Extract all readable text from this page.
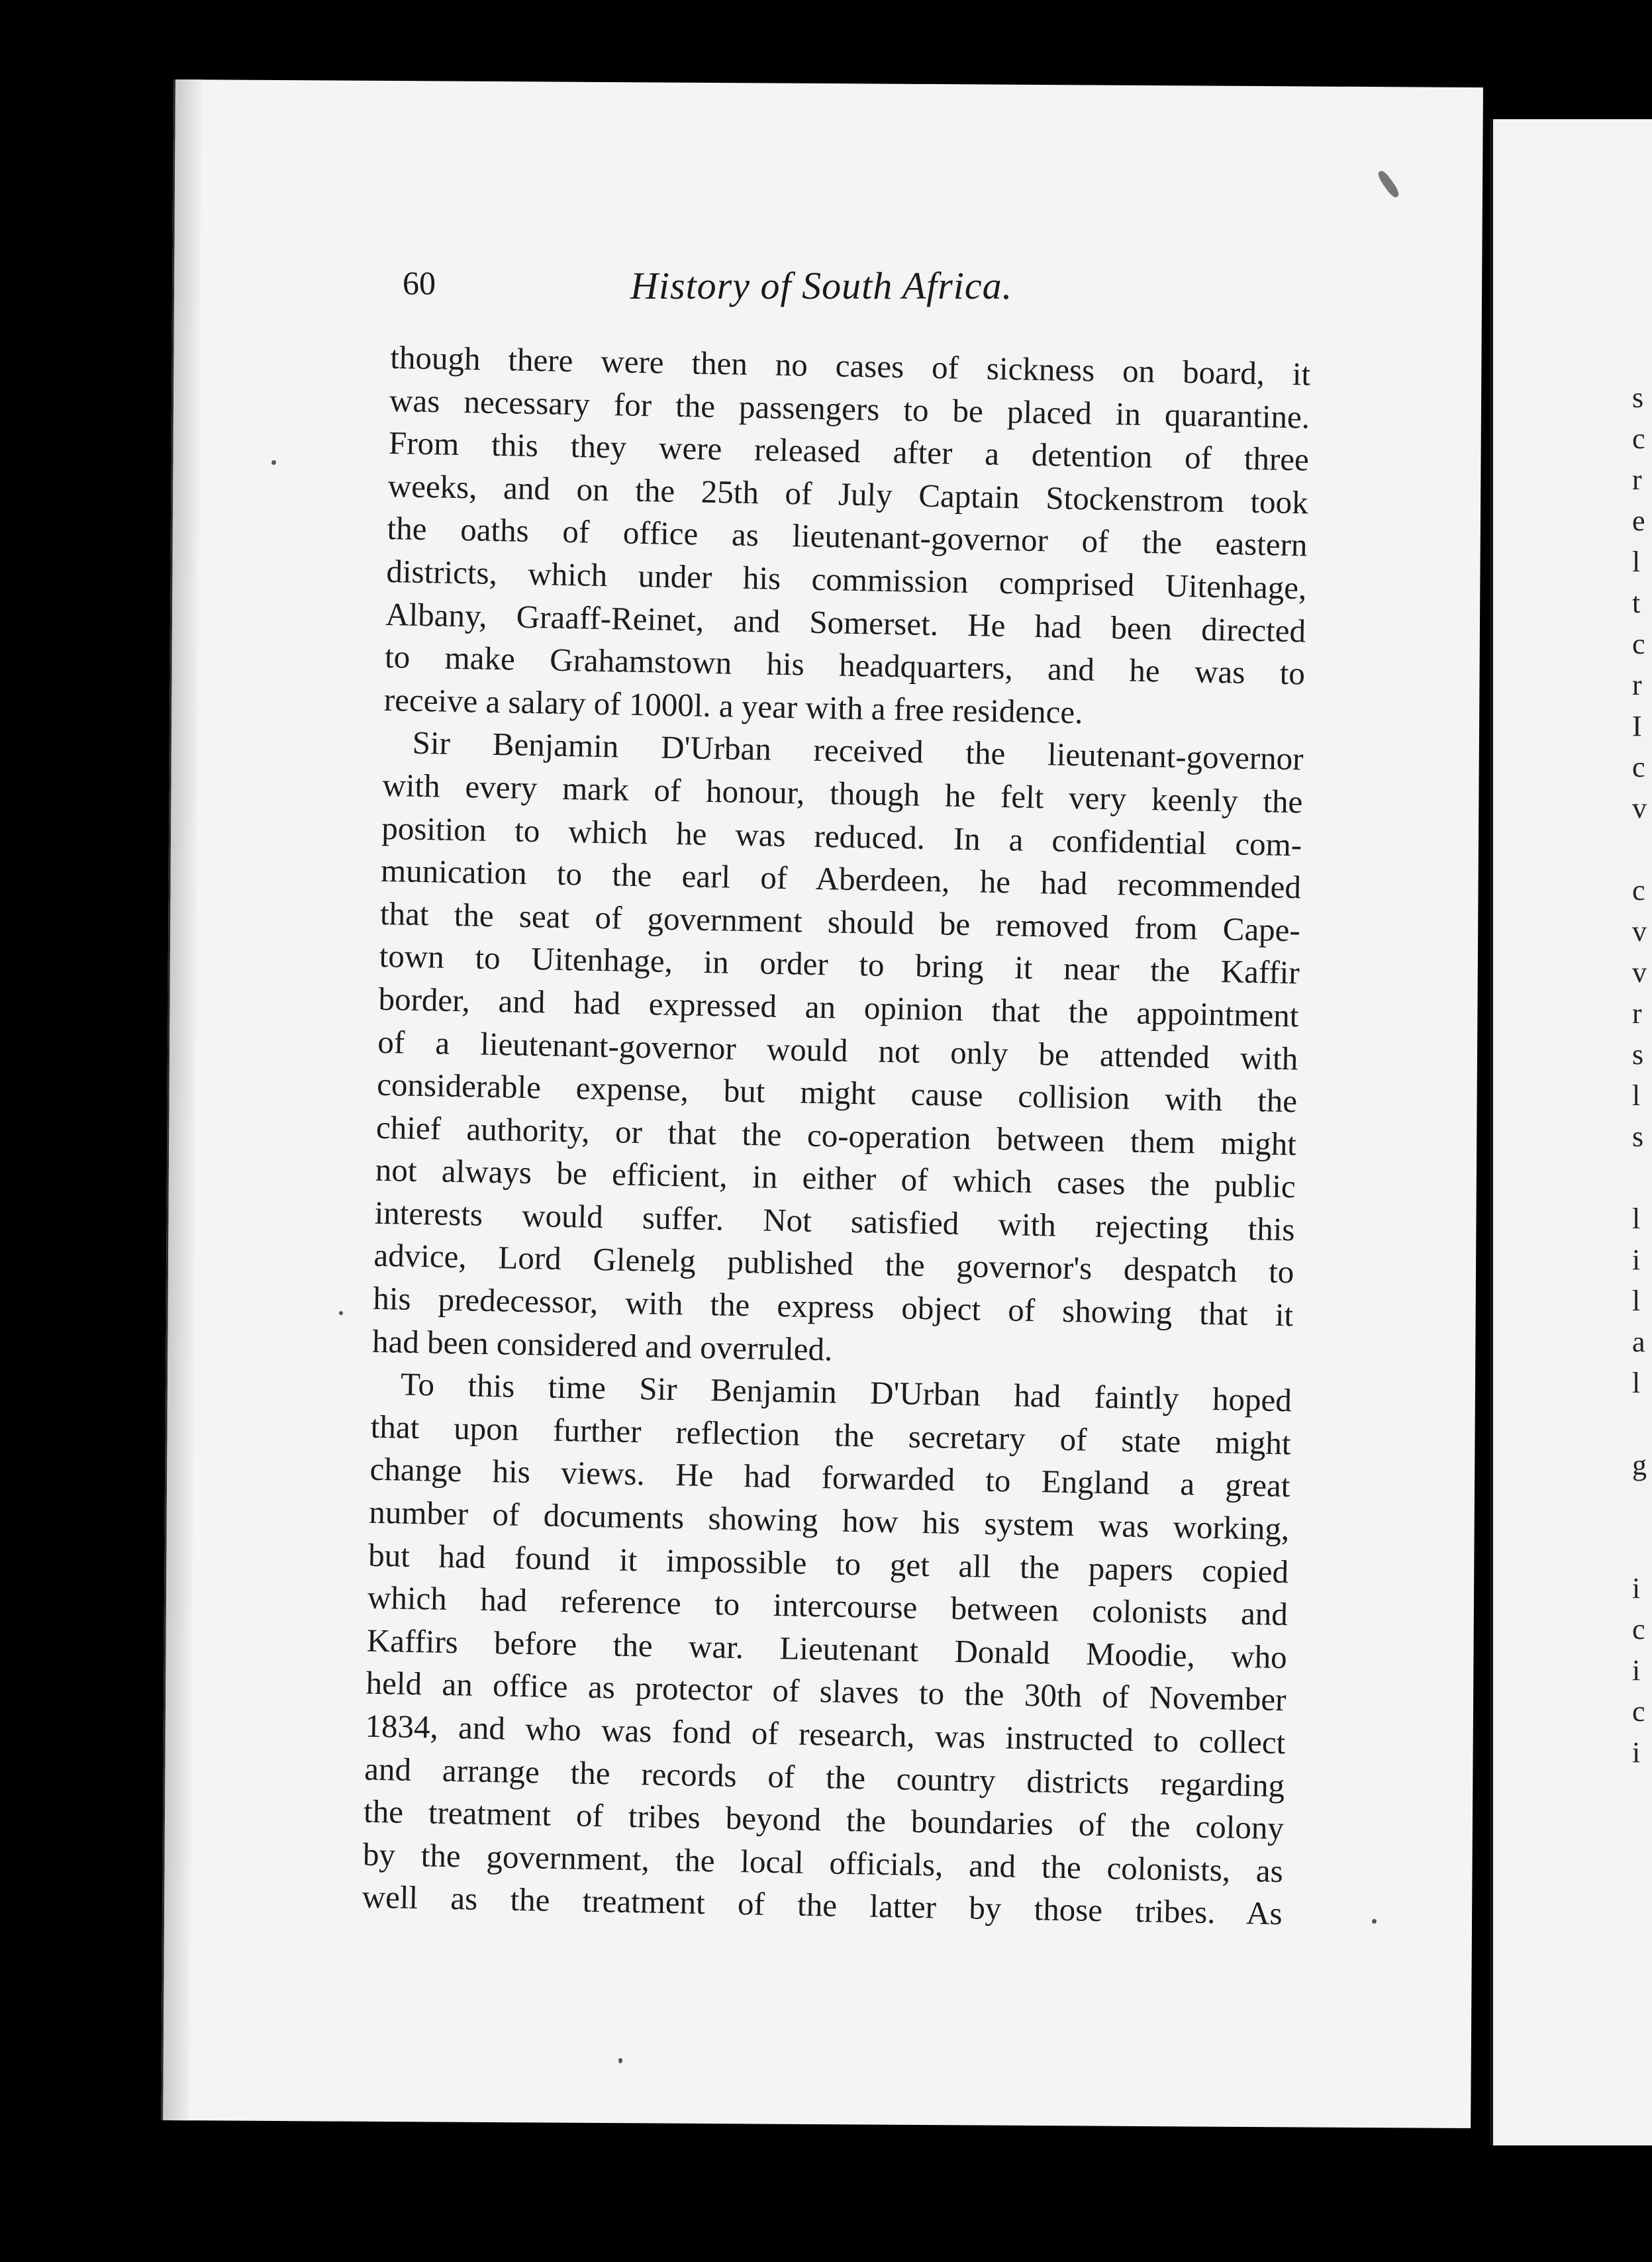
s
c
r
e
l
t
c
r
I
c
v

c
v
v
r
s
l
s

l
i
l
a
l

g

i
c
i
c
i
60	History of South Africa.
though there were then no cases of sickness on board, it
was necessary for the passengers to be placed in quarantine.
From this they were released after a detention of three
weeks, and on the 25th of July Captain Stockenstrom took
the oaths of office as lieutenant-governor of the eastern
districts, which under his commission comprised Uitenhage,
Albany, Graaff-Reinet, and Somerset. He had been directed
to make Grahamstown his headquarters, and he was to
receive a salary of 1000l. a year with a free residence.
Sir Benjamin D'Urban received the lieutenant-governor
with every mark of honour, though he felt very keenly the
position to which he was reduced. In a confidential com-
munication to the earl of Aberdeen, he had recommended
that the seat of government should be removed from Cape-
town to Uitenhage, in order to bring it near the Kaffir
border, and had expressed an opinion that the appointment
of a lieutenant-governor would not only be attended with
considerable expense, but might cause collision with the
chief authority, or that the co-operation between them might
not always be efficient, in either of which cases the public
interests would suffer. Not satisfied with rejecting this
advice, Lord Glenelg published the governor's despatch to
his predecessor, with the express object of showing that it
had been considered and overruled.
To this time Sir Benjamin D'Urban had faintly hoped
that upon further reflection the secretary of state might
change his views. He had forwarded to England a great
number of documents showing how his system was working,
but had found it impossible to get all the papers copied
which had reference to intercourse between colonists and
Kaffirs before the war. Lieutenant Donald Moodie, who
held an office as protector of slaves to the 30th of November
1834, and who was fond of research, was instructed to collect
and arrange the records of the country districts regarding
the treatment of tribes beyond the boundaries of the colony
by the government, the local officials, and the colonists, as
well as the treatment of the latter by those tribes. As
